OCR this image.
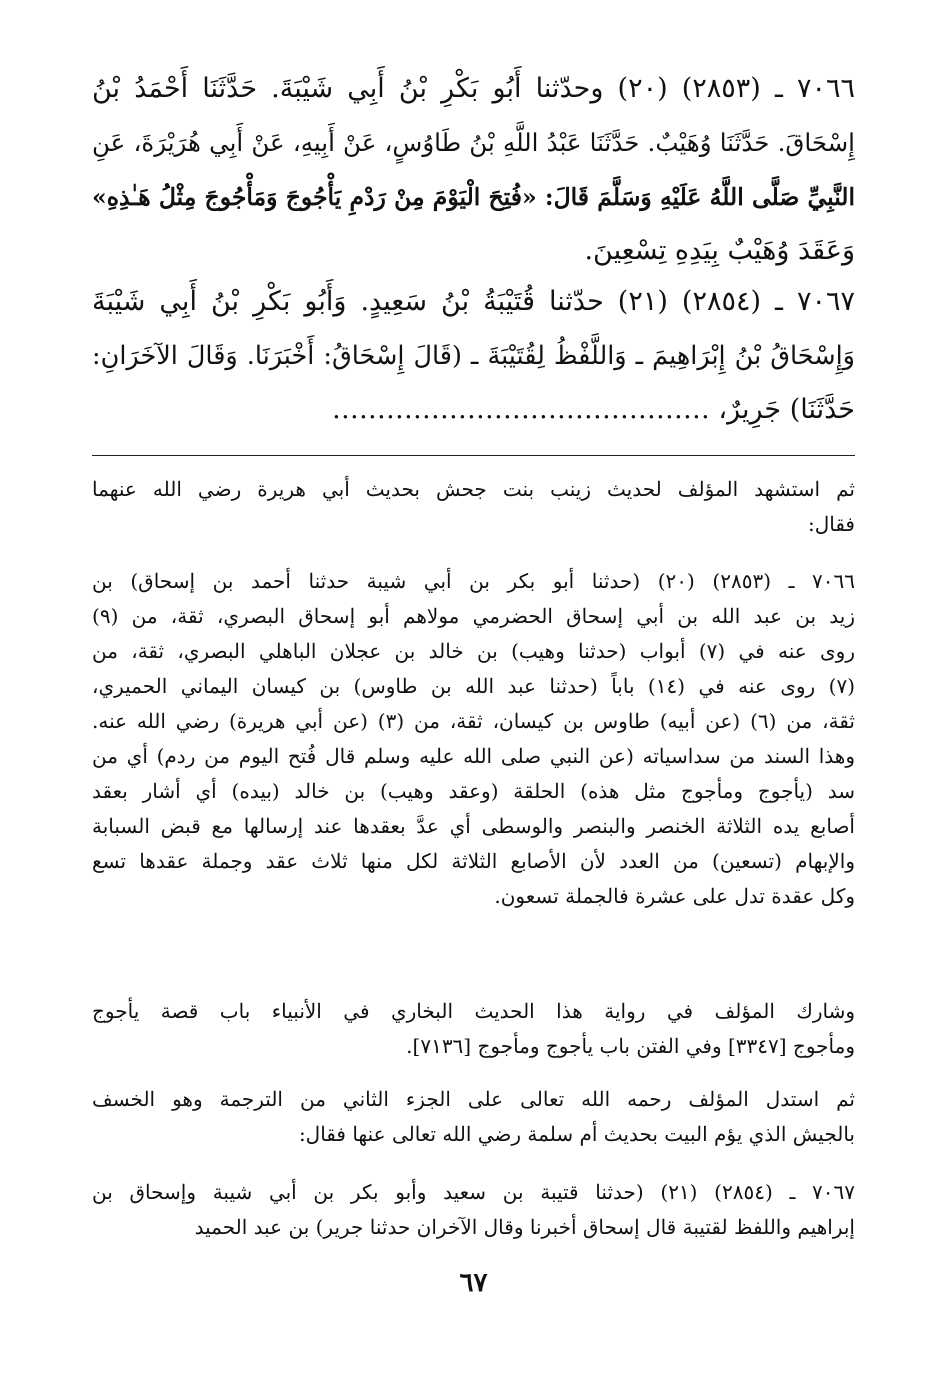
٧٠٦٦ ـ (٢٨٥٣) (٢٠) وحدّثنا أَبُو بَكْرِ بْنُ أَبِي شَيْبَةَ. حَدَّثَنَا أَحْمَدُ بْنُ
إِسْحَاقَ. حَدَّثَنَا وُهَيْبٌ. حَدَّثَنَا عَبْدُ اللَّهِ بْنُ طَاوُسٍ، عَنْ أَبِيهِ، عَنْ أَبِي هُرَيْرَةَ، عَنِ
النَّبِيِّ صَلَّى اللَّهُ عَلَيْهِ وَسَلَّمَ قَالَ: «فُتِحَ الْيَوْمَ مِنْ رَدْمِ يَأْجُوجَ وَمَأْجُوجَ مِثْلُ هَـٰذِهِ»
وَعَقَدَ وُهَيْبٌ بِيَدِهِ تِسْعِينَ.
٧٠٦٧ ـ (٢٨٥٤) (٢١) حدّثنا قُتَيْبَةُ بْنُ سَعِيدٍ. وَأَبُو بَكْرِ بْنُ أَبِي شَيْبَةَ
وَإِسْحَاقُ بْنُ إِبْرَاهِيمَ ـ وَاللَّفْظُ لِقُتَيْبَةَ ـ (قَالَ إِسْحَاقُ: أَخْبَرَنَا. وَقَالَ الآخَرَانِ:
حَدَّثَنَا) جَرِيرٌ، ……………………………………
ثم استشهد المؤلف لحديث زينب بنت جحش بحديث أبي هريرة رضي الله عنهما
فقال:
٧٠٦٦ ـ (٢٨٥٣) (٢٠) (حدثنا أبو بكر بن أبي شيبة حدثنا أحمد بن إسحاق) بن
زيد بن عبد الله بن أبي إسحاق الحضرمي مولاهم أبو إسحاق البصري، ثقة، من (٩)
روى عنه في (٧) أبواب (حدثنا وهيب) بن خالد بن عجلان الباهلي البصري، ثقة، من
(٧) روى عنه في (١٤) باباً (حدثنا عبد الله بن طاوس) بن كيسان اليماني الحميري،
ثقة، من (٦) (عن أبيه) طاوس بن كيسان، ثقة، من (٣) (عن أبي هريرة) رضي الله عنه.
وهذا السند من سداسياته (عن النبي صلى الله عليه وسلم قال فُتح اليوم من ردم) أي من
سد (يأجوج ومأجوج مثل هذه) الحلقة (وعقد وهيب) بن خالد (بيده) أي أشار بعقد
أصابع يده الثلاثة الخنصر والبنصر والوسطى أي عدَّ بعقدها عند إرسالها مع قبض السبابة
والإبهام (تسعين) من العدد لأن الأصابع الثلاثة لكل منها ثلاث عقد وجملة عقدها تسع
وكل عقدة تدل على عشرة فالجملة تسعون.
وشارك المؤلف في رواية هذا الحديث البخاري في الأنبياء باب قصة يأجوج
ومأجوج [٣٣٤٧] وفي الفتن باب يأجوج ومأجوج [٧١٣٦].
ثم استدل المؤلف رحمه الله تعالى على الجزء الثاني من الترجمة وهو الخسف
بالجيش الذي يؤم البيت بحديث أم سلمة رضي الله تعالى عنها فقال:
٧٠٦٧ ـ (٢٨٥٤) (٢١) (حدثنا قتيبة بن سعيد وأبو بكر بن أبي شيبة وإسحاق بن
إبراهيم واللفظ لقتيبة قال إسحاق أخبرنا وقال الآخران حدثنا جرير) بن عبد الحميد
٦٧
